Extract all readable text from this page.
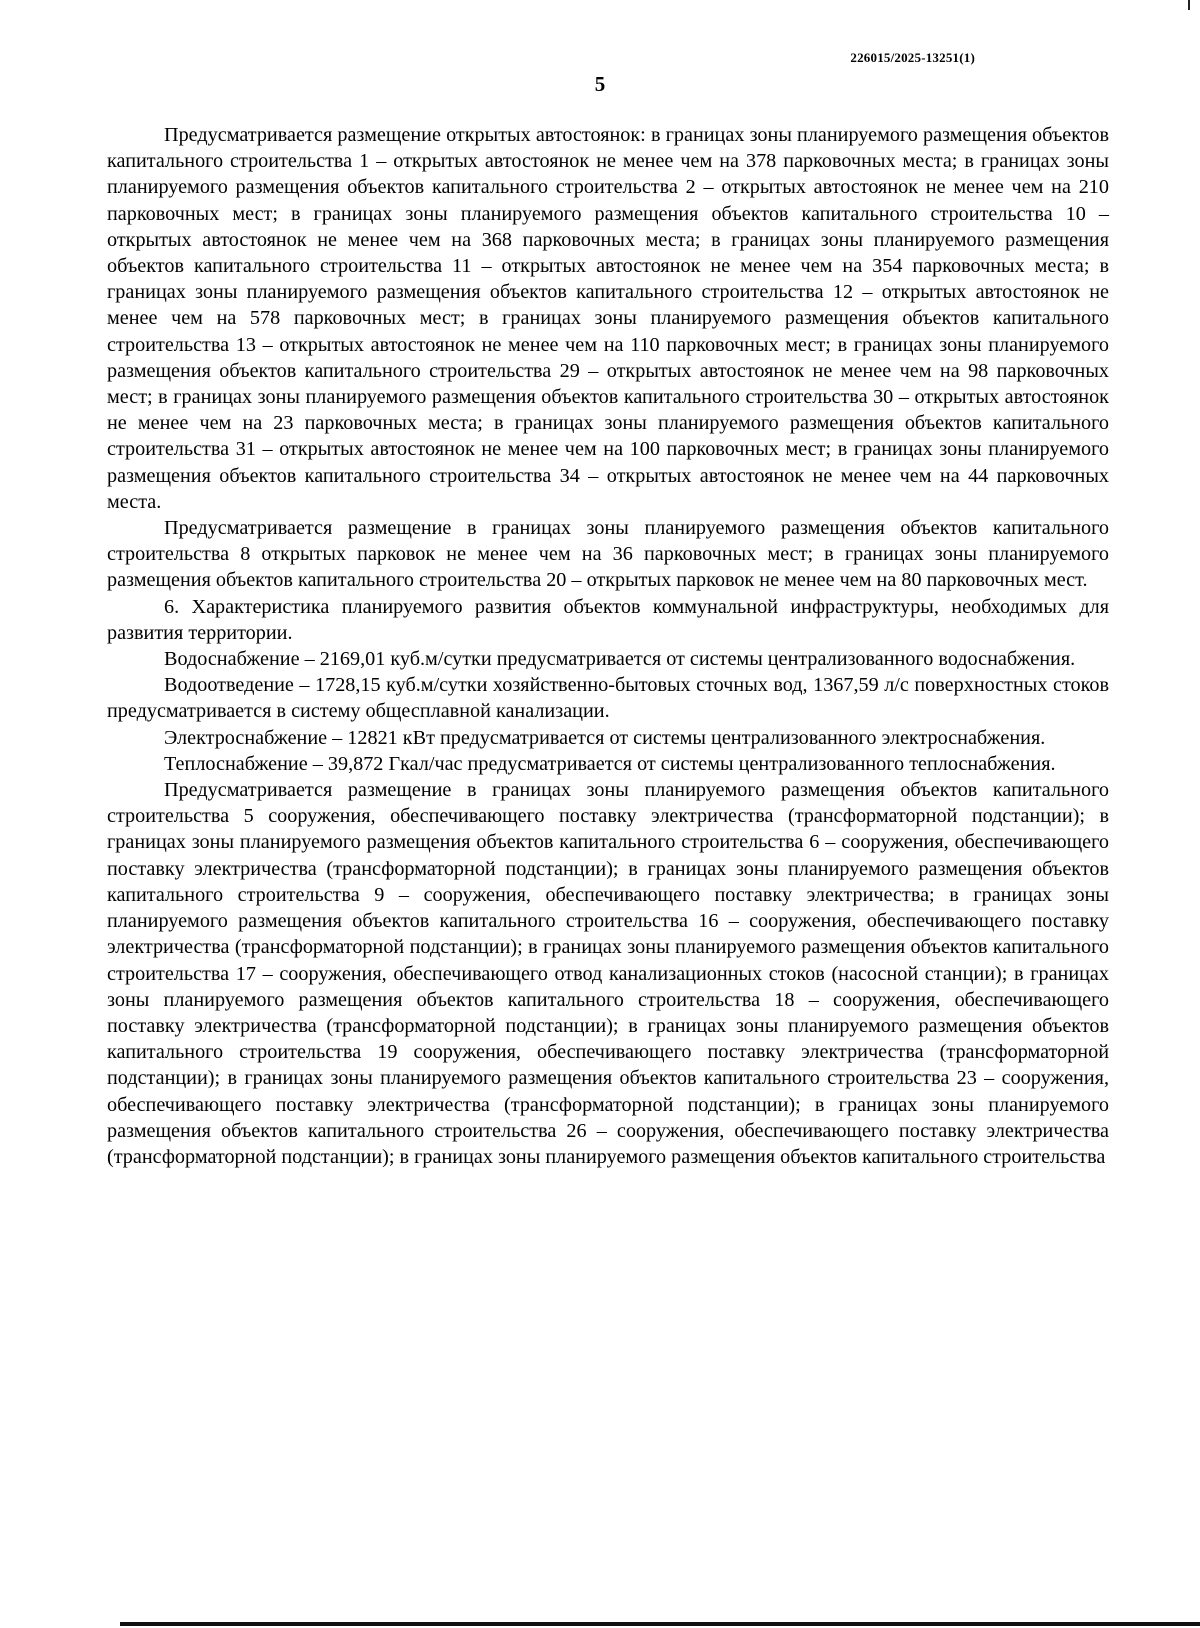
226015/2025-13251(1)
5

Предусматривается размещение открытых автостоянок: в границах зоны планируемого размещения объектов капитального строительства 1 – открытых автостоянок не менее чем на 378 парковочных места; в границах зоны планируемого размещения объектов капитального строительства 2 – открытых автостоянок не менее чем на 210 парковочных мест; в границах зоны планируемого размещения объектов капитального строительства 10 – открытых автостоянок не менее чем на 368 парковочных места; в границах зоны планируемого размещения объектов капитального строительства 11 – открытых автостоянок не менее чем на 354 парковочных места; в границах зоны планируемого размещения объектов капитального строительства 12 – открытых автостоянок не менее чем на 578 парковочных мест; в границах зоны планируемого размещения объектов капитального строительства 13 – открытых автостоянок не менее чем на 110 парковочных мест; в границах зоны планируемого размещения объектов капитального строительства 29 – открытых автостоянок не менее чем на 98 парковочных мест; в границах зоны планируемого размещения объектов капитального строительства 30 – открытых автостоянок не менее чем на 23 парковочных места; в границах зоны планируемого размещения объектов капитального строительства 31 – открытых автостоянок не менее чем на 100 парковочных мест; в границах зоны планируемого размещения объектов капитального строительства 34 – открытых автостоянок не менее чем на 44 парковочных места.

Предусматривается размещение в границах зоны планируемого размещения объектов капитального строительства 8 открытых парковок не менее чем на 36 парковочных мест; в границах зоны планируемого размещения объектов капитального строительства 20 – открытых парковок не менее чем на 80 парковочных мест.

6. Характеристика планируемого развития объектов коммунальной инфраструктуры, необходимых для развития территории.

Водоснабжение – 2169,01 куб.м/сутки предусматривается от системы централизованного водоснабжения.

Водоотведение – 1728,15 куб.м/сутки хозяйственно-бытовых сточных вод, 1367,59 л/с поверхностных стоков предусматривается в систему общесплавной канализации.

Электроснабжение – 12821 кВт предусматривается от системы централизованного электроснабжения.

Теплоснабжение – 39,872 Гкал/час предусматривается от системы централизованного теплоснабжения.

Предусматривается размещение в границах зоны планируемого размещения объектов капитального строительства 5 сооружения, обеспечивающего поставку электричества (трансформаторной подстанции); в границах зоны планируемого размещения объектов капитального строительства 6 – сооружения, обеспечивающего поставку электричества (трансформаторной подстанции); в границах зоны планируемого размещения объектов капитального строительства 9 – сооружения, обеспечивающего поставку электричества; в границах зоны планируемого размещения объектов капитального строительства 16 – сооружения, обеспечивающего поставку электричества (трансформаторной подстанции); в границах зоны планируемого размещения объектов капитального строительства 17 – сооружения, обеспечивающего отвод канализационных стоков (насосной станции); в границах зоны планируемого размещения объектов капитального строительства 18 – сооружения, обеспечивающего поставку электричества (трансформаторной подстанции); в границах зоны планируемого размещения объектов капитального строительства 19 сооружения, обеспечивающего поставку электричества (трансформаторной подстанции); в границах зоны планируемого размещения объектов капитального строительства 23 – сооружения, обеспечивающего поставку электричества (трансформаторной подстанции); в границах зоны планируемого размещения объектов капитального строительства 26 – сооружения, обеспечивающего поставку электричества (трансформаторной подстанции); в границах зоны планируемого размещения объектов капитального строительства
